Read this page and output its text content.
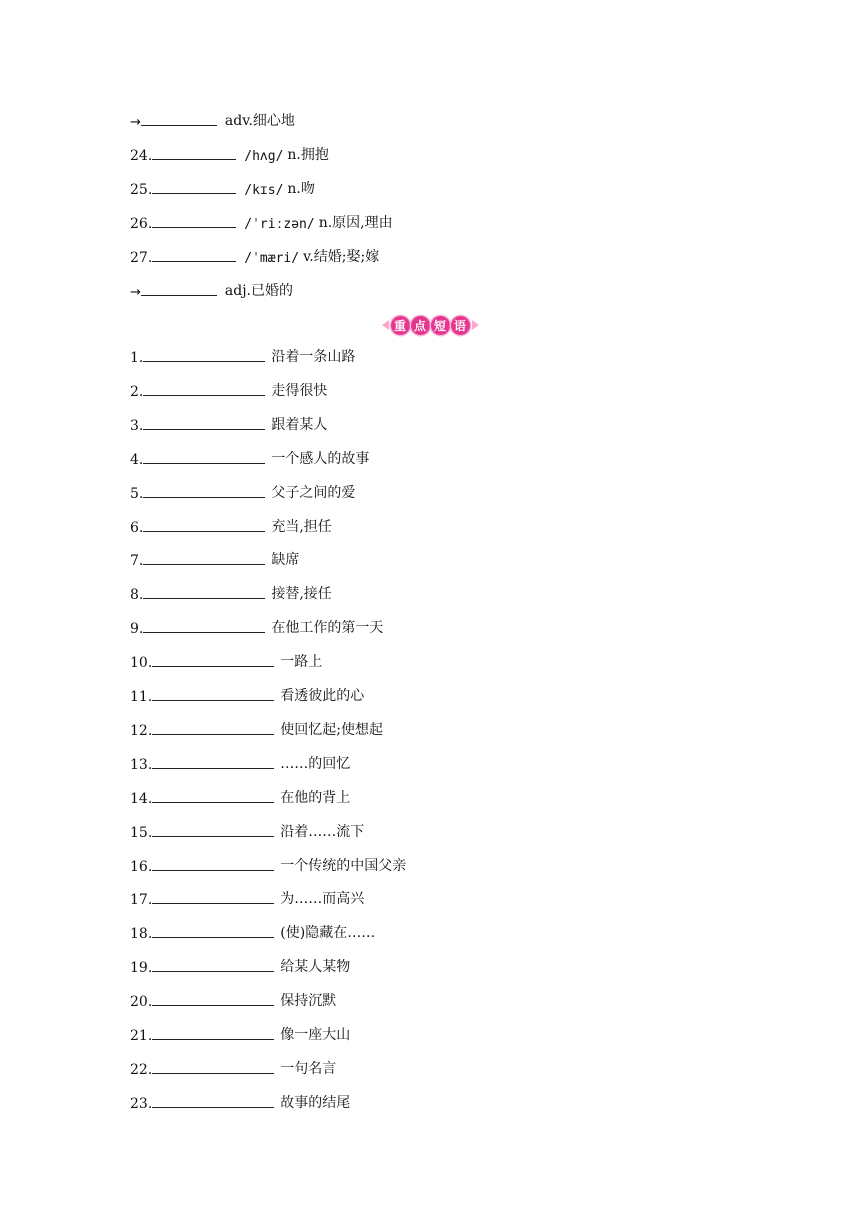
→	adv.细心地
24.	/hʌg/ n.拥抱
25.	/kɪs/ n.吻
26.	/ˈriːzən/ n.原因,理由
27.	/ˈmæri/ v.结婚;娶;嫁
→	adj.已婚的
重 点 短 语
1.	沿着一条山路
2.	走得很快
3.	跟着某人
4.	一个感人的故事
5.	父子之间的爱
6.	充当,担任
7.	缺席
8.	接替,接任
9.	在他工作的第一天
10.	一路上
11.	看透彼此的心
12.	使回忆起;使想起
13.	……的回忆
14.	在他的背上
15.	沿着……流下
16.	一个传统的中国父亲
17.	为……而高兴
18.	(使)隐藏在……
19.	给某人某物
20.	保持沉默
21.	像一座大山
22.	一句名言
23.	故事的结尾
